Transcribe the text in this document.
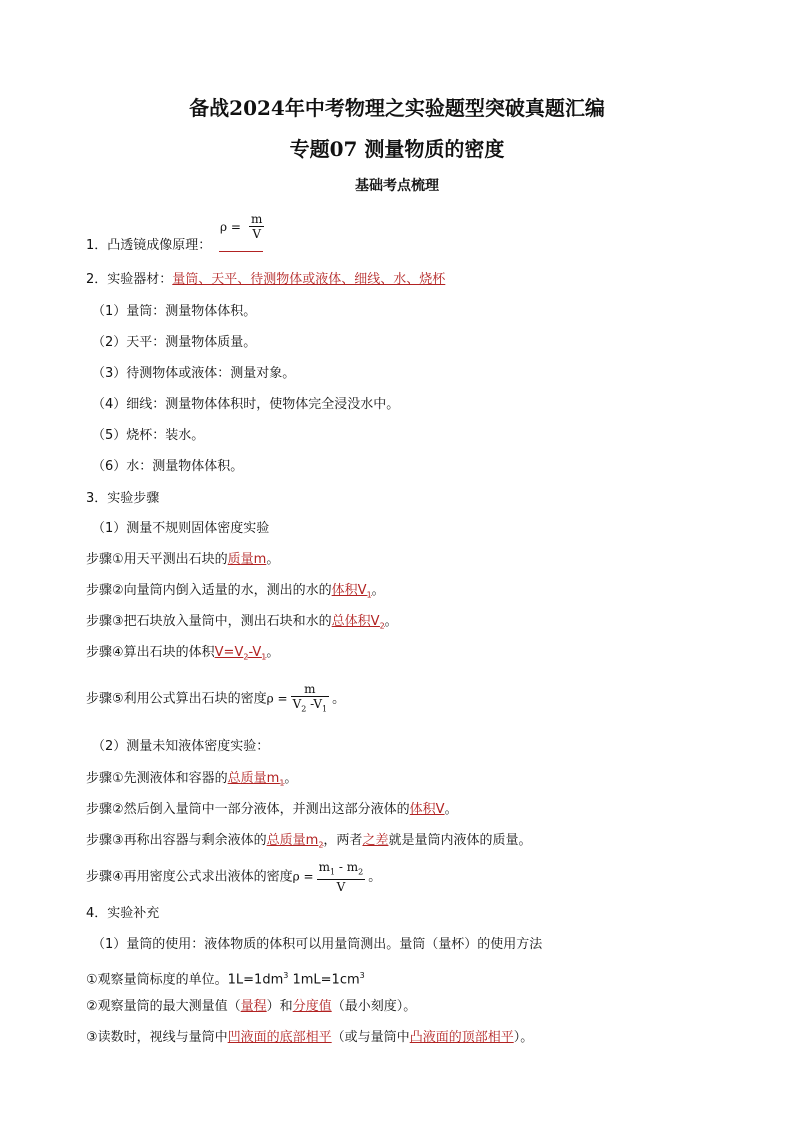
备战2024年中考物理之实验题型突破真题汇编
专题07 测量物质的密度
基础考点梳理
1．凸透镜成像原理：
$\rho = \frac{m}{V}$
2．实验器材：量筒、天平、待测物体或液体、细线、水、烧杯
（1）量筒：测量物体体积。
（2）天平：测量物体质量。
（3）待测物体或液体：测量对象。
（4）细线：测量物体体积时，使物体完全浸没水中。
（5）烧杯：装水。
（6）水：测量物体体积。
3．实验步骤
（1）测量不规则固体密度实验
步骤①用天平测出石块的质量m。
步骤②向量筒内倒入适量的水，测出的水的体积$V_1$。
步骤③把石块放入量筒中，测出石块和水的总体积$V_2$。
步骤④算出石块的体积$V=V_2-V_1$。
步骤⑤利用公式算出石块的密度$\rho = \frac{m}{V_2 -V_1}$ 。
（2）测量未知液体密度实验：
步骤①先测液体和容器的总质量$m_1$。
步骤②然后倒入量筒中一部分液体，并测出这部分液体的体积V。
步骤③再称出容器与剩余液体的总质量$m_2$，两者之差就是量筒内液体的质量。
步骤④再用密度公式求出液体的密度$\rho = \frac{m_1 - m_2}{V}$ 。
4．实验补充
（1）量筒的使用：液体物质的体积可以用量筒测出。量筒（量杯）的使用方法
①观察量筒标度的单位。$1L=1dm^3$ $1mL=1cm^3$
②观察量筒的最大测量值（量程）和分度值（最小刻度）。
③读数时，视线与量筒中凹液面的底部相平（或与量筒中凸液面的顶部相平）。
